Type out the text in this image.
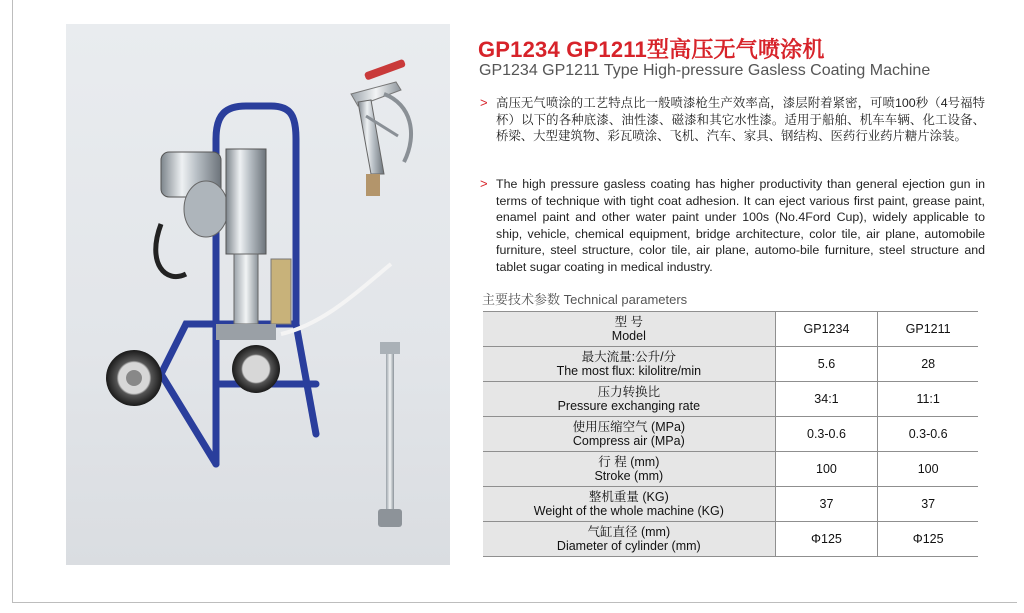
GP1234 GP1211型高压无气喷涂机
GP1234 GP1211 Type High-pressure Gasless Coating Machine
> 高压无气喷涂的工艺特点比一般喷漆枪生产效率高，漆层附着紧密，可喷100秒（4号福特杯）以下的各种底漆、油性漆、磁漆和其它水性漆。适用于船舶、机车车辆、化工设备、桥梁、大型建筑物、彩瓦喷涂、飞机、汽车、家具、钢结构、医药行业药片糖片涂装。
> The high pressure gasless coating has higher productivity than general ejection gun in terms of technique with tight coat adhesion. It can eject various first paint, grease paint, enamel paint and other water paint under 100s (No.4Ford Cup), widely applicable to ship, vehicle, chemical equipment, bridge architecture, color tile, air plane, automobile furniture, steel structure, color tile, air plane, automo-bile furniture, steel structure and tablet sugar coating in medical industry.
主要技术参数 Technical parameters
型 号
Model	GP1234	GP1211

最大流量:公升/分
The most flux: kilolitre/min	5.6	28

压力转换比
Pressure exchanging rate	34:1	11:1

使用压缩空气 (MPa)
Compress air (MPa)	0.3-0.6	0.3-0.6

行 程 (mm)
Stroke (mm)	100	100

整机重量 (KG)
Weight of the whole machine (KG)	37	37

气缸直径 (mm)
Diameter of cylinder (mm)	Φ125	Φ125
